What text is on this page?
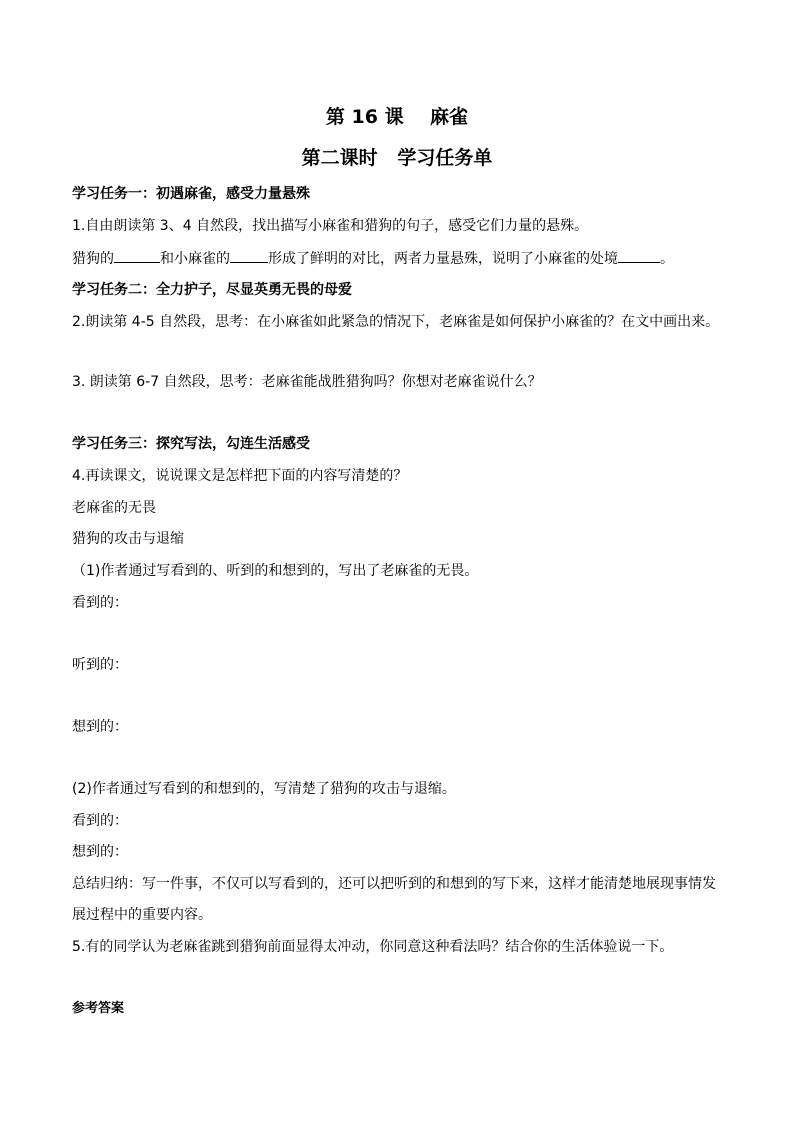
第 16 课    麻雀
第二课时   学习任务单
学习任务一：初遇麻雀，感受力量悬殊
1.自由朗读第 3、4 自然段，找出描写小麻雀和猎狗的句子，感受它们力量的悬殊。
猎狗的	和小麻雀的	形成了鲜明的对比，两者力量悬殊，说明了小麻雀的处境	。
学习任务二：全力护子，尽显英勇无畏的母爱
2.朗读第 4-5 自然段，思考：在小麻雀如此紧急的情况下，老麻雀是如何保护小麻雀的？在文中画出来。
3. 朗读第 6-7 自然段，思考：老麻雀能战胜猎狗吗？你想对老麻雀说什么？
学习任务三：探究写法，勾连生活感受
4.再读课文，说说课文是怎样把下面的内容写清楚的？
老麻雀的无畏
猎狗的攻击与退缩
（1)作者通过写看到的、听到的和想到的，写出了老麻雀的无畏。
看到的：
听到的：
想到的：
(2)作者通过写看到的和想到的，写清楚了猎狗的攻击与退缩。
看到的：
想到的：
总结归纳：写一件事，不仅可以写看到的，还可以把听到的和想到的写下来，这样才能清楚地展现事情发
展过程中的重要内容。
5.有的同学认为老麻雀跳到猎狗前面显得太冲动，你同意这种看法吗？结合你的生活体验说一下。
参考答案
